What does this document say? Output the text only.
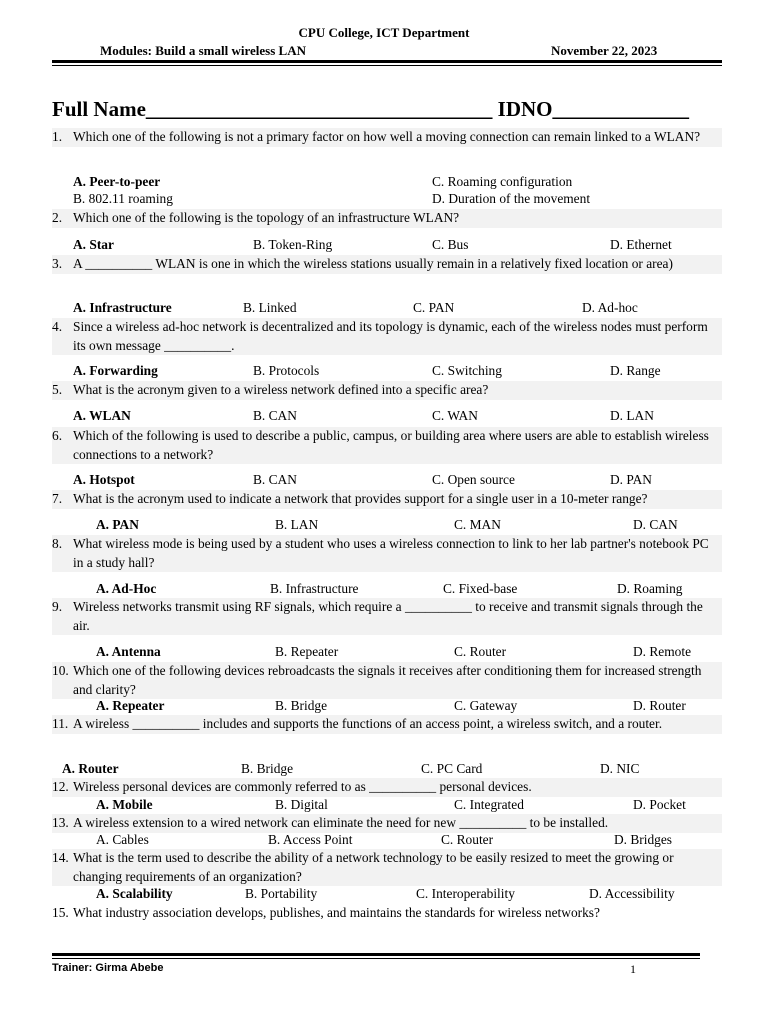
CPU College, ICT Department
Modules: Build a small wireless LAN	November 22, 2023
Full Name_________________________________ IDNO_____________
1. Which one of the following is not a primary factor on how well a moving connection can remain linked to a WLAN?
A. Peer-to-peer	C. Roaming configuration
B. 802.11 roaming	D. Duration of the movement
2. Which one of the following is the topology of an infrastructure WLAN?
A. Star	B. Token-Ring	C. Bus	D. Ethernet
3. A __________ WLAN is one in which the wireless stations usually remain in a relatively fixed location or area)
A. Infrastructure	B. Linked	C. PAN	D. Ad-hoc
4. Since a wireless ad-hoc network is decentralized and its topology is dynamic, each of the wireless nodes must perform its own message __________.
A. Forwarding	B. Protocols	C. Switching	D. Range
5. What is the acronym given to a wireless network defined into a specific area?
A. WLAN	B. CAN	C. WAN	D. LAN
6. Which of the following is used to describe a public, campus, or building area where users are able to establish wireless connections to a network?
A. Hotspot	B. CAN	C. Open source	D. PAN
7. What is the acronym used to indicate a network that provides support for a single user in a 10-meter range?
A. PAN	B. LAN	C. MAN	D. CAN
8. What wireless mode is being used by a student who uses a wireless connection to link to her lab partner's notebook PC in a study hall?
A. Ad-Hoc	B. Infrastructure	C. Fixed-base	D. Roaming
9. Wireless networks transmit using RF signals, which require a __________ to receive and transmit signals through the air.
A. Antenna	B. Repeater	C. Router	D. Remote
10. Which one of the following devices rebroadcasts the signals it receives after conditioning them for increased strength and clarity?
A. Repeater	B. Bridge	C. Gateway	D. Router
11. A wireless __________ includes and supports the functions of an access point, a wireless switch, and a router.
A. Router	B. Bridge	C. PC Card	D. NIC
12. Wireless personal devices are commonly referred to as __________ personal devices.
A. Mobile	B. Digital	C. Integrated	D. Pocket
13. A wireless extension to a wired network can eliminate the need for new __________ to be installed.
A. Cables	B. Access Point	C. Router	D. Bridges
14. What is the term used to describe the ability of a network technology to be easily resized to meet the growing or changing requirements of an organization?
A. Scalability	B. Portability	C. Interoperability	D. Accessibility
15. What industry association develops, publishes, and maintains the standards for wireless networks?
Trainer: Girma Abebe	1
